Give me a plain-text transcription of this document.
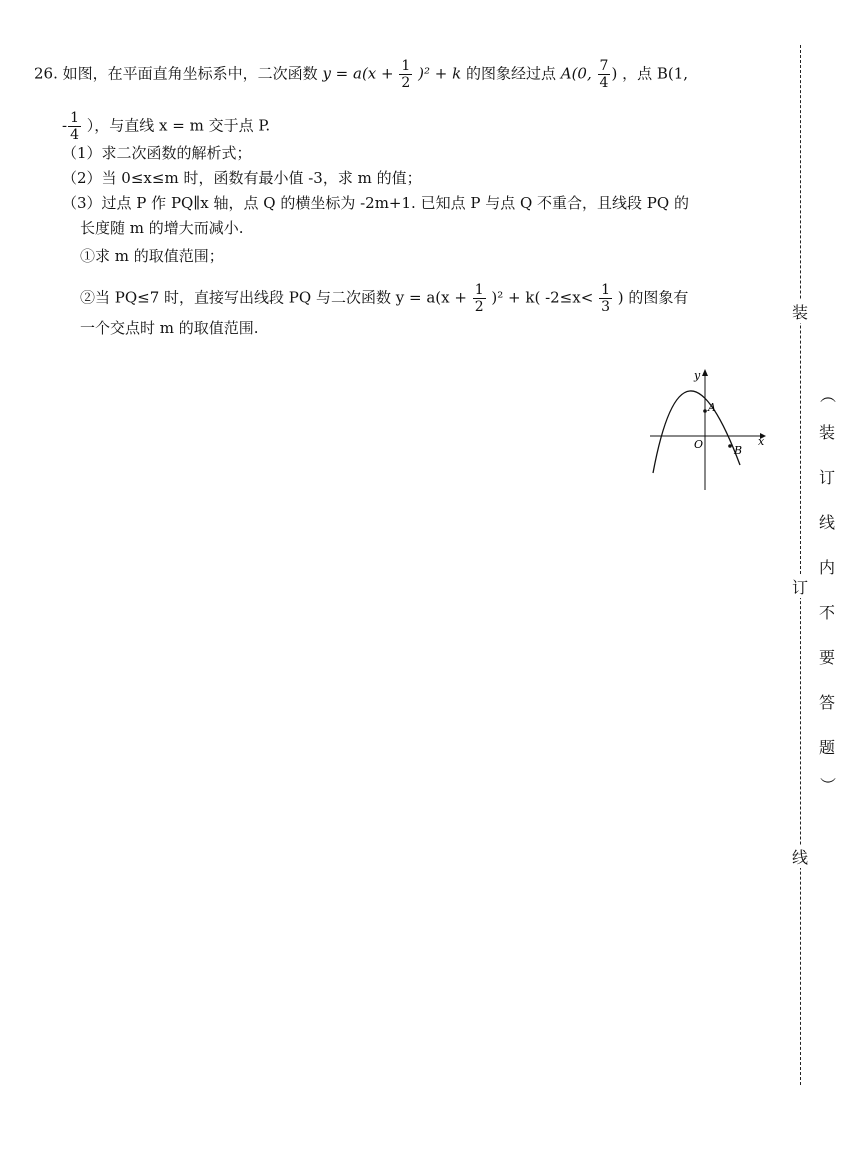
26. 如图，在平面直角坐标系中，二次函数 $y = a(x + \frac{1}{2} )^2 + k$ 的图象经过点 A(0, $\frac{7}{4}$ ) ，点 B(1,
- $\frac{1}{4}$ ），与直线 x = m 交于点 P.
（1）求二次函数的解析式；
（2）当 0≤x≤m 时，函数有最小值 -3，求 m 的值；
（3）过点 P 作 PQ∥x 轴，点 Q 的横坐标为 -2m+1. 已知点 P 与点 Q 不重合，且线段 PQ 的
长度随 m 的增大而减小.
①求 m 的取值范围；
②当 PQ≤7 时，直接写出线段 PQ 与二次函数 $y = a(x + \frac{1}{2} )^2 + k$( $-2\le x< \frac{1}{3}$ ) 的图象有
一个交点时 m 的取值范围.
y
x
O
A
B
装
订
线
（
装
订
线
内
不
要
答
题
）
